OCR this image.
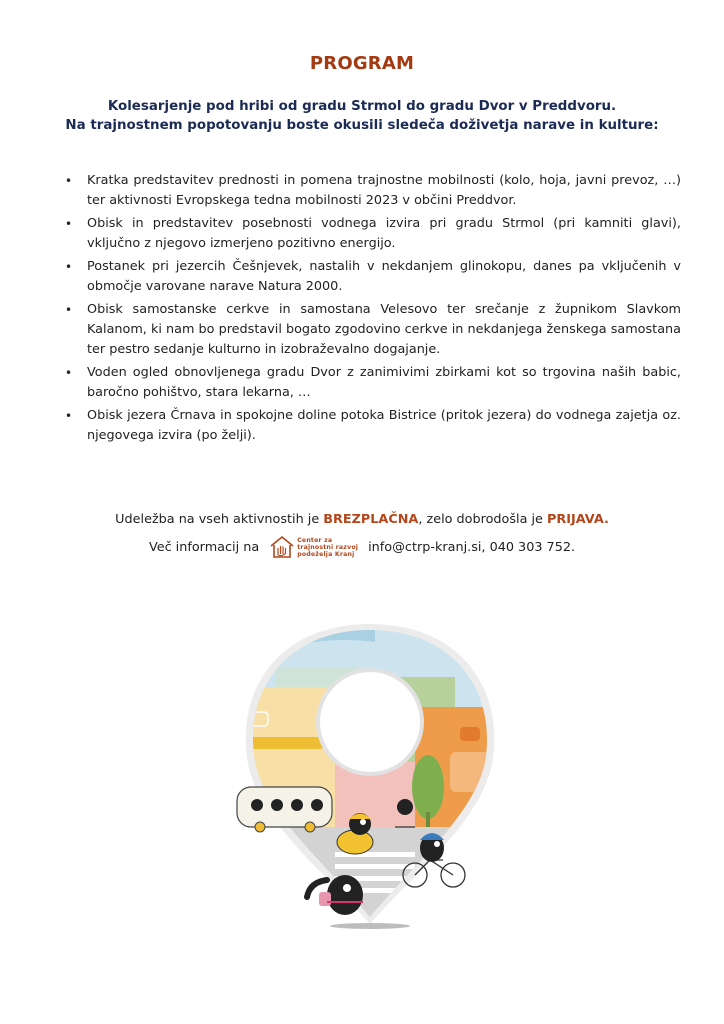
PROGRAM
Kolesarjenje pod hribi od gradu Strmol do gradu Dvor v Preddvoru.
Na trajnostnem popotovanju boste okusili sledeča doživetja narave in kulture:
• Kratka predstavitev prednosti in pomena trajnostne mobilnosti (kolo, hoja, javni prevoz, …) ter aktivnosti Evropskega tedna mobilnosti 2023 v občini Preddvor.
• Obisk in predstavitev posebnosti vodnega izvira pri gradu Strmol (pri kamniti glavi), vključno z njegovo izmerjeno pozitivno energijo.
• Postanek pri jezercih Češnjevek, nastalih v nekdanjem glinokopu, danes pa vključenih v območje varovane narave Natura 2000.
• Obisk samostanske cerkve in samostana Velesovo ter srečanje z župnikom Slavkom Kalanom, ki nam bo predstavil bogato zgodovino cerkve in nekdanjega ženskega samostana ter pestro sedanje kulturno in izobraževalno dogajanje.
• Voden ogled obnovljenega gradu Dvor z zanimivimi zbirkami kot so trgovina naših babic, baročno pohištvo, stara lekarna, …
• Obisk jezera Črnava in spokojne doline potoka Bistrice (pritok jezera) do vodnega zajetja oz. njegovega izvira (po želji).
Udeležba na vseh aktivnostih je BREZPLAČNA, zelo dobrodošla je PRIJAVA.
Več informacij na	Center za
trajnostni razvoj
podeželja Kranj info@ctrp-kranj.si, 040 303 752.
